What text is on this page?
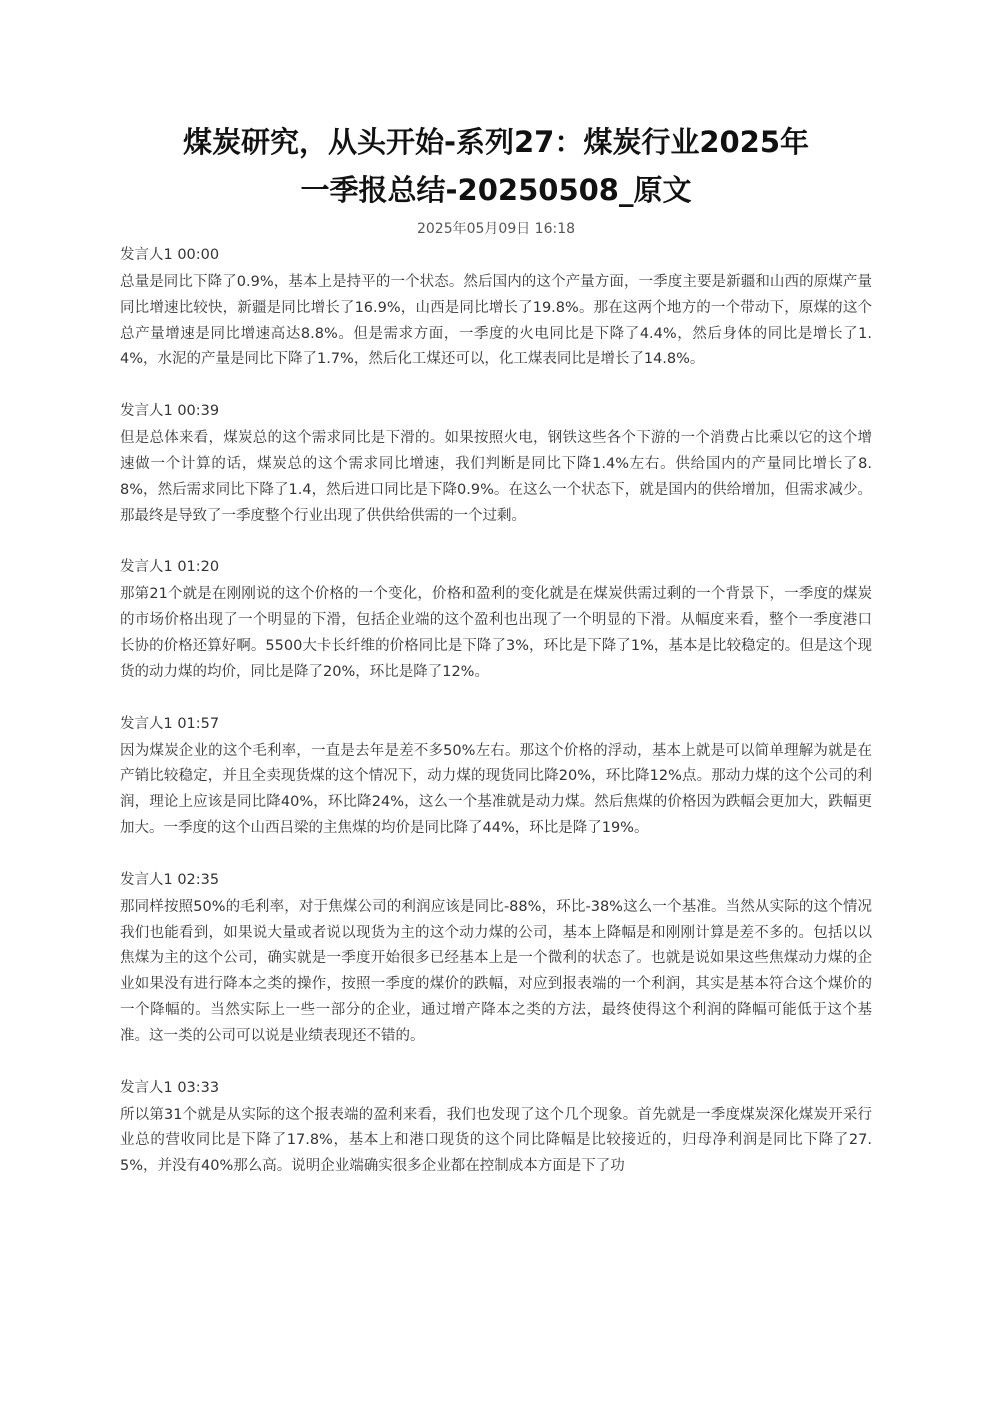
煤炭研究，从头开始-系列27：煤炭行业2025年一季报总结-20250508_原文
2025年05月09日 16:18
发言人1 00:00

总量是同比下降了0.9%，基本上是持平的一个状态。然后国内的这个产量方面，一季度主要是新疆和山西的原煤产量同比增速比较快，新疆是同比增长了16.9%，山西是同比增长了19.8%。那在这两个地方的一个带动下，原煤的这个总产量增速是同比增速高达8.8%。但是需求方面，一季度的火电同比是下降了4.4%，然后身体的同比是增长了1.4%，水泥的产量是同比下降了1.7%，然后化工煤还可以，化工煤表同比是增长了14.8%。

发言人1 00:39

但是总体来看，煤炭总的这个需求同比是下滑的。如果按照火电，钢铁这些各个下游的一个消费占比乘以它的这个增速做一个计算的话，煤炭总的这个需求同比增速，我们判断是同比下降1.4%左右。供给国内的产量同比增长了8.8%，然后需求同比下降了1.4，然后进口同比是下降0.9%。在这么一个状态下，就是国内的供给增加，但需求减少。那最终是导致了一季度整个行业出现了供供给供需的一个过剩。

发言人1 01:20

那第21个就是在刚刚说的这个价格的一个变化，价格和盈利的变化就是在煤炭供需过剩的一个背景下，一季度的煤炭的市场价格出现了一个明显的下滑，包括企业端的这个盈利也出现了一个明显的下滑。从幅度来看，整个一季度港口长协的价格还算好啊。5500大卡长纤维的价格同比是下降了3%，环比是下降了1%，基本是比较稳定的。但是这个现货的动力煤的均价，同比是降了20%，环比是降了12%。

发言人1 01:57

因为煤炭企业的这个毛利率，一直是去年是差不多50%左右。那这个价格的浮动，基本上就是可以简单理解为就是在产销比较稳定，并且全卖现货煤的这个情况下，动力煤的现货同比降20%，环比降12%点。那动力煤的这个公司的利润，理论上应该是同比降40%，环比降24%，这么一个基准就是动力煤。然后焦煤的价格因为跌幅会更加大，跌幅更加大。一季度的这个山西吕梁的主焦煤的均价是同比降了44%，环比是降了19%。

发言人1 02:35

那同样按照50%的毛利率，对于焦煤公司的利润应该是同比-88%，环比-38%这么一个基准。当然从实际的这个情况我们也能看到，如果说大量或者说以现货为主的这个动力煤的公司，基本上降幅是和刚刚计算是差不多的。包括以以焦煤为主的这个公司，确实就是一季度开始很多已经基本上是一个微利的状态了。也就是说如果这些焦煤动力煤的企业如果没有进行降本之类的操作，按照一季度的煤价的跌幅，对应到报表端的一个利润，其实是基本符合这个煤价的一个降幅的。当然实际上一些一部分的企业，通过增产降本之类的方法，最终使得这个利润的降幅可能低于这个基准。这一类的公司可以说是业绩表现还不错的。

发言人1 03:33

所以第31个就是从实际的这个报表端的盈利来看，我们也发现了这个几个现象。首先就是一季度煤炭深化煤炭开采行业总的营收同比是下降了17.8%，基本上和港口现货的这个同比降幅是比较接近的，归母净利润是同比下降了27.5%，并没有40%那么高。说明企业端确实很多企业都在控制成本方面是下了功
